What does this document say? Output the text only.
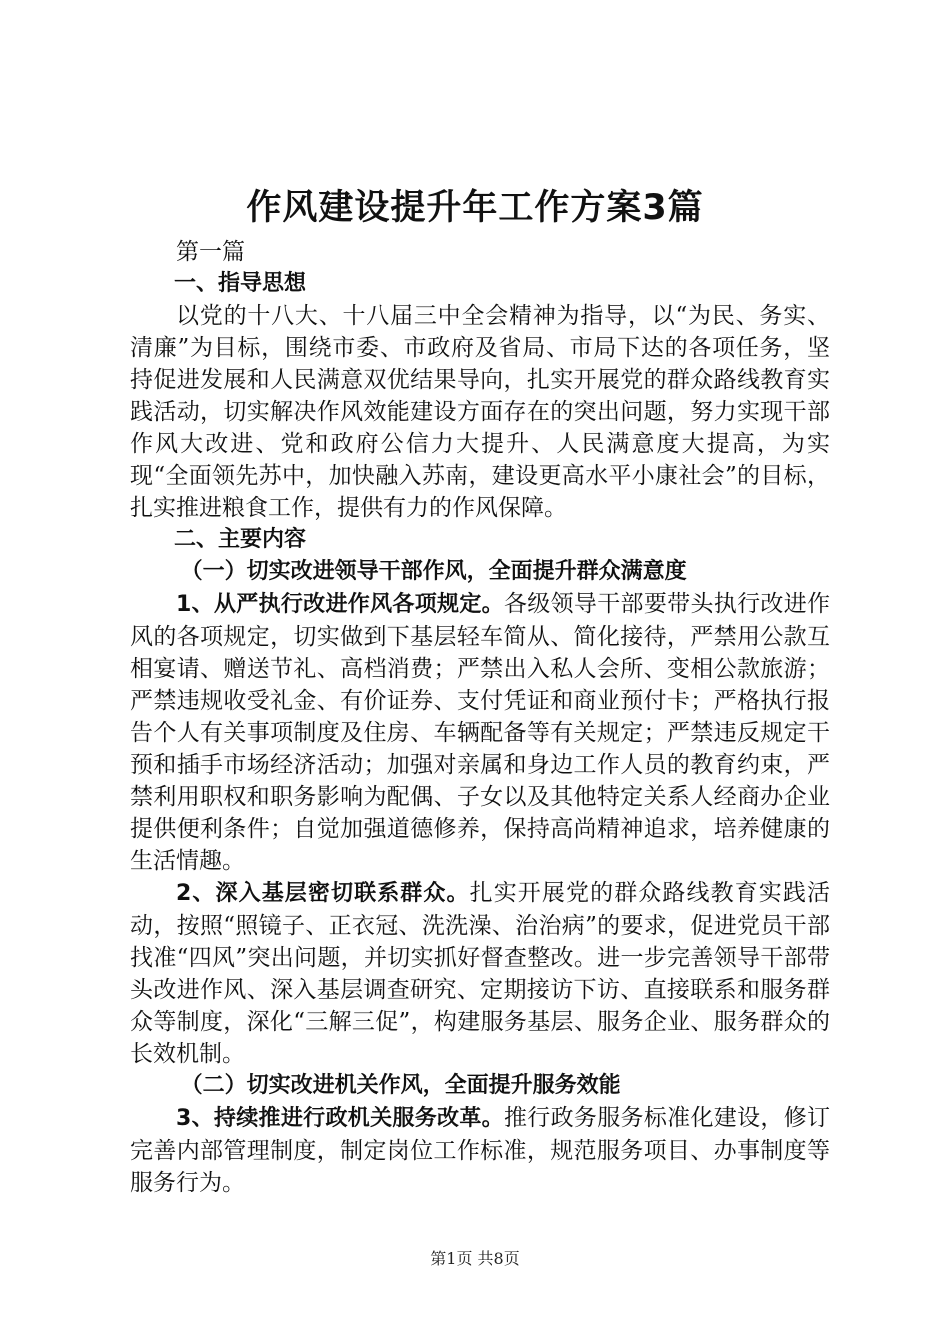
作风建设提升年工作方案3篇

第一篇

一、指导思想

以党的十八大、十八届三中全会精神为指导，以“为民、务实、清廉”为目标，围绕市委、市政府及省局、市局下达的各项任务，坚持促进发展和人民满意双优结果导向，扎实开展党的群众路线教育实践活动，切实解决作风效能建设方面存在的突出问题，努力实现干部作风大改进、党和政府公信力大提升、人民满意度大提高，为实现“全面领先苏中，加快融入苏南，建设更高水平小康社会”的目标，扎实推进粮食工作，提供有力的作风保障。

二、主要内容

（一）切实改进领导干部作风，全面提升群众满意度

1、从严执行改进作风各项规定。各级领导干部要带头执行改进作风的各项规定，切实做到下基层轻车简从、简化接待，严禁用公款互相宴请、赠送节礼、高档消费；严禁出入私人会所、变相公款旅游；严禁违规收受礼金、有价证券、支付凭证和商业预付卡；严格执行报告个人有关事项制度及住房、车辆配备等有关规定；严禁违反规定干预和插手市场经济活动；加强对亲属和身边工作人员的教育约束，严禁利用职权和职务影响为配偶、子女以及其他特定关系人经商办企业提供便利条件；自觉加强道德修养，保持高尚精神追求，培养健康的生活情趣。

2、深入基层密切联系群众。扎实开展党的群众路线教育实践活动，按照“照镜子、正衣冠、洗洗澡、治治病”的要求，促进党员干部找准“四风”突出问题，并切实抓好督查整改。进一步完善领导干部带头改进作风、深入基层调查研究、定期接访下访、直接联系和服务群众等制度，深化“三解三促”，构建服务基层、服务企业、服务群众的长效机制。

（二）切实改进机关作风，全面提升服务效能

3、持续推进行政机关服务改革。推行政务服务标准化建设，修订完善内部管理制度，制定岗位工作标准，规范服务项目、办事制度等服务行为。

第1页 共8页
